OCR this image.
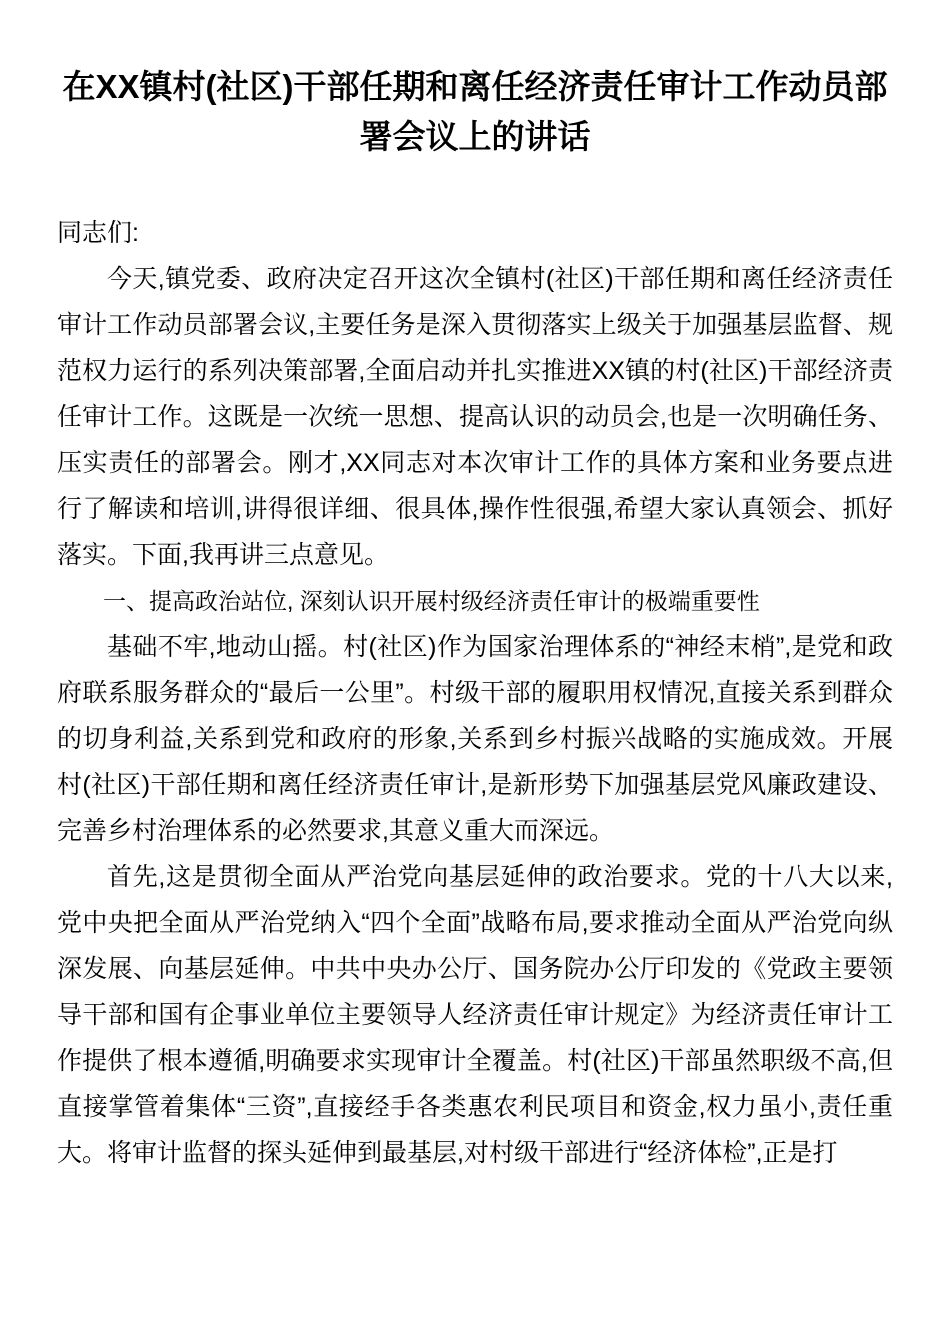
在XX镇村(社区)干部任期和离任经济责任审计工作动员部署会议上的讲话

同志们:

今天,镇党委、政府决定召开这次全镇村(社区)干部任期和离任经济责任审计工作动员部署会议,主要任务是深入贯彻落实上级关于加强基层监督、规范权力运行的系列决策部署,全面启动并扎实推进XX镇的村(社区)干部经济责任审计工作。这既是一次统一思想、提高认识的动员会,也是一次明确任务、压实责任的部署会。刚才,XX同志对本次审计工作的具体方案和业务要点进行了解读和培训,讲得很详细、很具体,操作性很强,希望大家认真领会、抓好落实。下面,我再讲三点意见。

一、提高政治站位, 深刻认识开展村级经济责任审计的极端重要性

基础不牢,地动山摇。村(社区)作为国家治理体系的“神经末梢”,是党和政府联系服务群众的“最后一公里”。村级干部的履职用权情况,直接关系到群众的切身利益,关系到党和政府的形象,关系到乡村振兴战略的实施成效。开展村(社区)干部任期和离任经济责任审计,是新形势下加强基层党风廉政建设、完善乡村治理体系的必然要求,其意义重大而深远。

首先,这是贯彻全面从严治党向基层延伸的政治要求。党的十八大以来,党中央把全面从严治党纳入“四个全面”战略布局,要求推动全面从严治党向纵深发展、向基层延伸。中共中央办公厅、国务院办公厅印发的《党政主要领导干部和国有企事业单位主要领导人经济责任审计规定》为经济责任审计工作提供了根本遵循,明确要求实现审计全覆盖。村(社区)干部虽然职级不高,但直接掌管着集体“三资”,直接经手各类惠农利民项目和资金,权力虽小,责任重大。将审计监督的探头延伸到最基层,对村级干部进行“经济体检”,正是打
